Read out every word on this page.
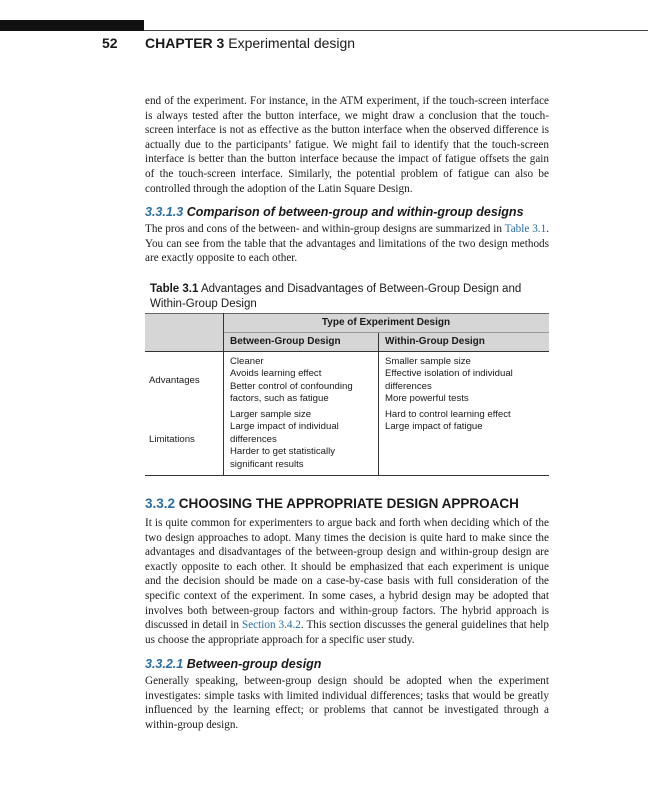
52 CHAPTER 3 Experimental design

end of the experiment. For instance, in the ATM experiment, if the touch-screen interface is always tested after the button interface, we might draw a conclusion that the touch-screen interface is not as effective as the button interface when the observed difference is actually due to the participants’ fatigue. We might fail to identify that the touch-screen interface is better than the button interface because the impact of fatigue offsets the gain of the touch-screen interface. Similarly, the potential problem of fatigue can also be controlled through the adoption of the Latin Square Design.

3.3.1.3 Comparison of between-group and within-group designs

The pros and cons of the between- and within-group designs are summarized in Table 3.1. You can see from the table that the advantages and limitations of the two design methods are exactly opposite to each other.

Table 3.1 Advantages and Disadvantages of Between-Group Design and Within-Group Design

Type of Experiment Design
Between-Group Design	Within-Group Design
Advantages
Cleaner
Avoids learning effect
Better control of confounding
factors, such as fatigue
Smaller sample size
Effective isolation of individual
differences
More powerful tests
Limitations
Larger sample size
Large impact of individual
differences
Harder to get statistically
significant results
Hard to control learning effect
Large impact of fatigue
3.3.2 CHOOSING THE APPROPRIATE DESIGN APPROACH

It is quite common for experimenters to argue back and forth when deciding which of the two design approaches to adopt. Many times the decision is quite hard to make since the advantages and disadvantages of the between-group design and within-group design are exactly opposite to each other. It should be emphasized that each experiment is unique and the decision should be made on a case-by-case basis with full consideration of the specific context of the experiment. In some cases, a hybrid design may be adopted that involves both between-group factors and within-group factors. The hybrid approach is discussed in detail in Section 3.4.2. This section discusses the general guidelines that help us choose the appropriate approach for a specific user study.

3.3.2.1 Between-group design

Generally speaking, between-group design should be adopted when the experiment investigates: simple tasks with limited individual differences; tasks that would be greatly influenced by the learning effect; or problems that cannot be investigated through a within-group design.
